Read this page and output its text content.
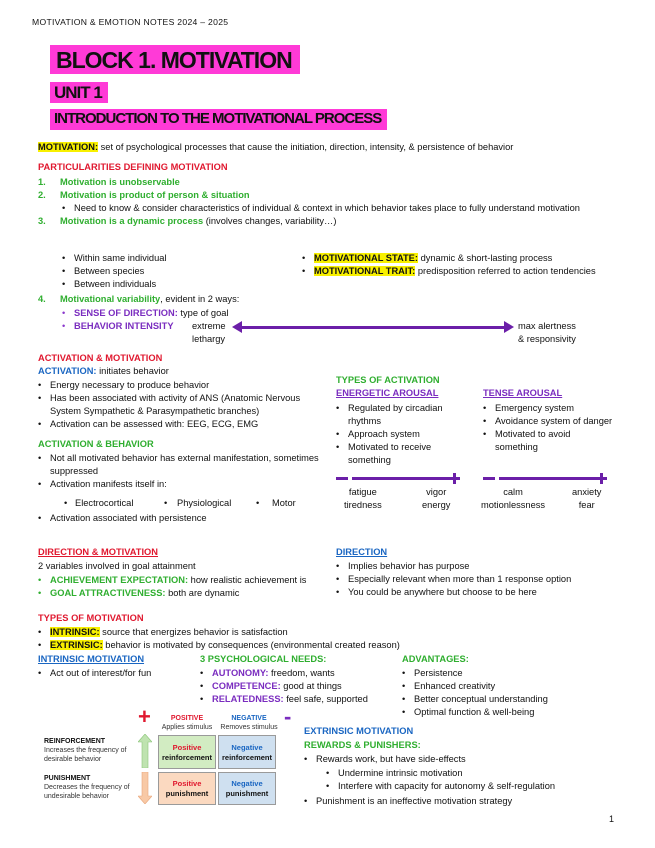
MOTIVATION & EMOTION NOTES 2024 – 2025
BLOCK 1. MOTIVATION
UNIT 1
INTRODUCTION TO THE MOTIVATIONAL PROCESS
MOTIVATION: set of psychological processes that cause the initiation, direction, intensity, & persistence of behavior
PARTICULARITIES DEFINING MOTIVATION
1. Motivation is unobservable
2. Motivation is product of person & situation
• Need to know & consider characteristics of individual & context in which behavior takes place to fully understand motivation
3. Motivation is a dynamic process (involves changes, variability…)
• Within same individual
• Between species
• Between individuals
• MOTIVATIONAL STATE: dynamic & short-lasting process
• MOTIVATIONAL TRAIT: predisposition referred to action tendencies
4. Motivational variability, evident in 2 ways:
• SENSE OF DIRECTION: type of goal
• BEHAVIOR INTENSITY	extreme
lethargy
max alertness
& responsivity
ACTIVATION & MOTIVATION
ACTIVATION: initiates behavior
• Energy necessary to produce behavior
• Has been associated with activity of ANS (Anatomic Nervous System Sympathetic & Parasympathetic branches)
• Activation can be assessed with: EEG, ECG, EMG
ACTIVATION & BEHAVIOR
• Not all motivated behavior has external manifestation, sometimes suppressed
• Activation manifests itself in:
• Electrocortical	• Physiological	• Motor
• Activation associated with persistence
TYPES OF ACTIVATION
ENERGETIC AROUSAL
• Regulated by circadian rhythms
• Approach system
• Motivated to receive something
fatigue
tiredness
vigor
energy
TENSE AROUSAL
• Emergency system
• Avoidance system of danger
• Motivated to avoid something
calm
motionlessness
anxiety
fear
DIRECTION & MOTIVATION
2 variables involved in goal attainment
• ACHIEVEMENT EXPECTATION: how realistic achievement is
• GOAL ATTRACTIVENESS: both are dynamic
DIRECTION
• Implies behavior has purpose
• Especially relevant when more than 1 response option
• You could be anywhere but choose to be here
TYPES OF MOTIVATION
• INTRINSIC: source that energizes behavior is satisfaction
• EXTRINSIC: behavior is motivated by consequences (environmental created reason)
INTRINSIC MOTIVATION
• Act out of interest/for fun
3 PSYCHOLOGICAL NEEDS:
• AUTONOMY: freedom, wants
• COMPETENCE: good at things
• RELATEDNESS: feel safe, supported
ADVANTAGES:
• Persistence
• Enhanced creativity
• Better conceptual understanding
• Optimal function & well-being
+	-
POSITIVE
Applies stimulus
NEGATIVE
Removes stimulus
REINFORCEMENT
Increases the frequency of desirable behavior
PUNISHMENT
Decreases the frequency of undesirable behavior
Positive
reinforcement
Negative
reinforcement
Positive
punishment
Negative
punishment
EXTRINSIC MOTIVATION
REWARDS & PUNISHERS:
• Rewards work, but have side-effects
• Undermine intrinsic motivation
• Interfere with capacity for autonomy & self-regulation
• Punishment is an ineffective motivation strategy
1
